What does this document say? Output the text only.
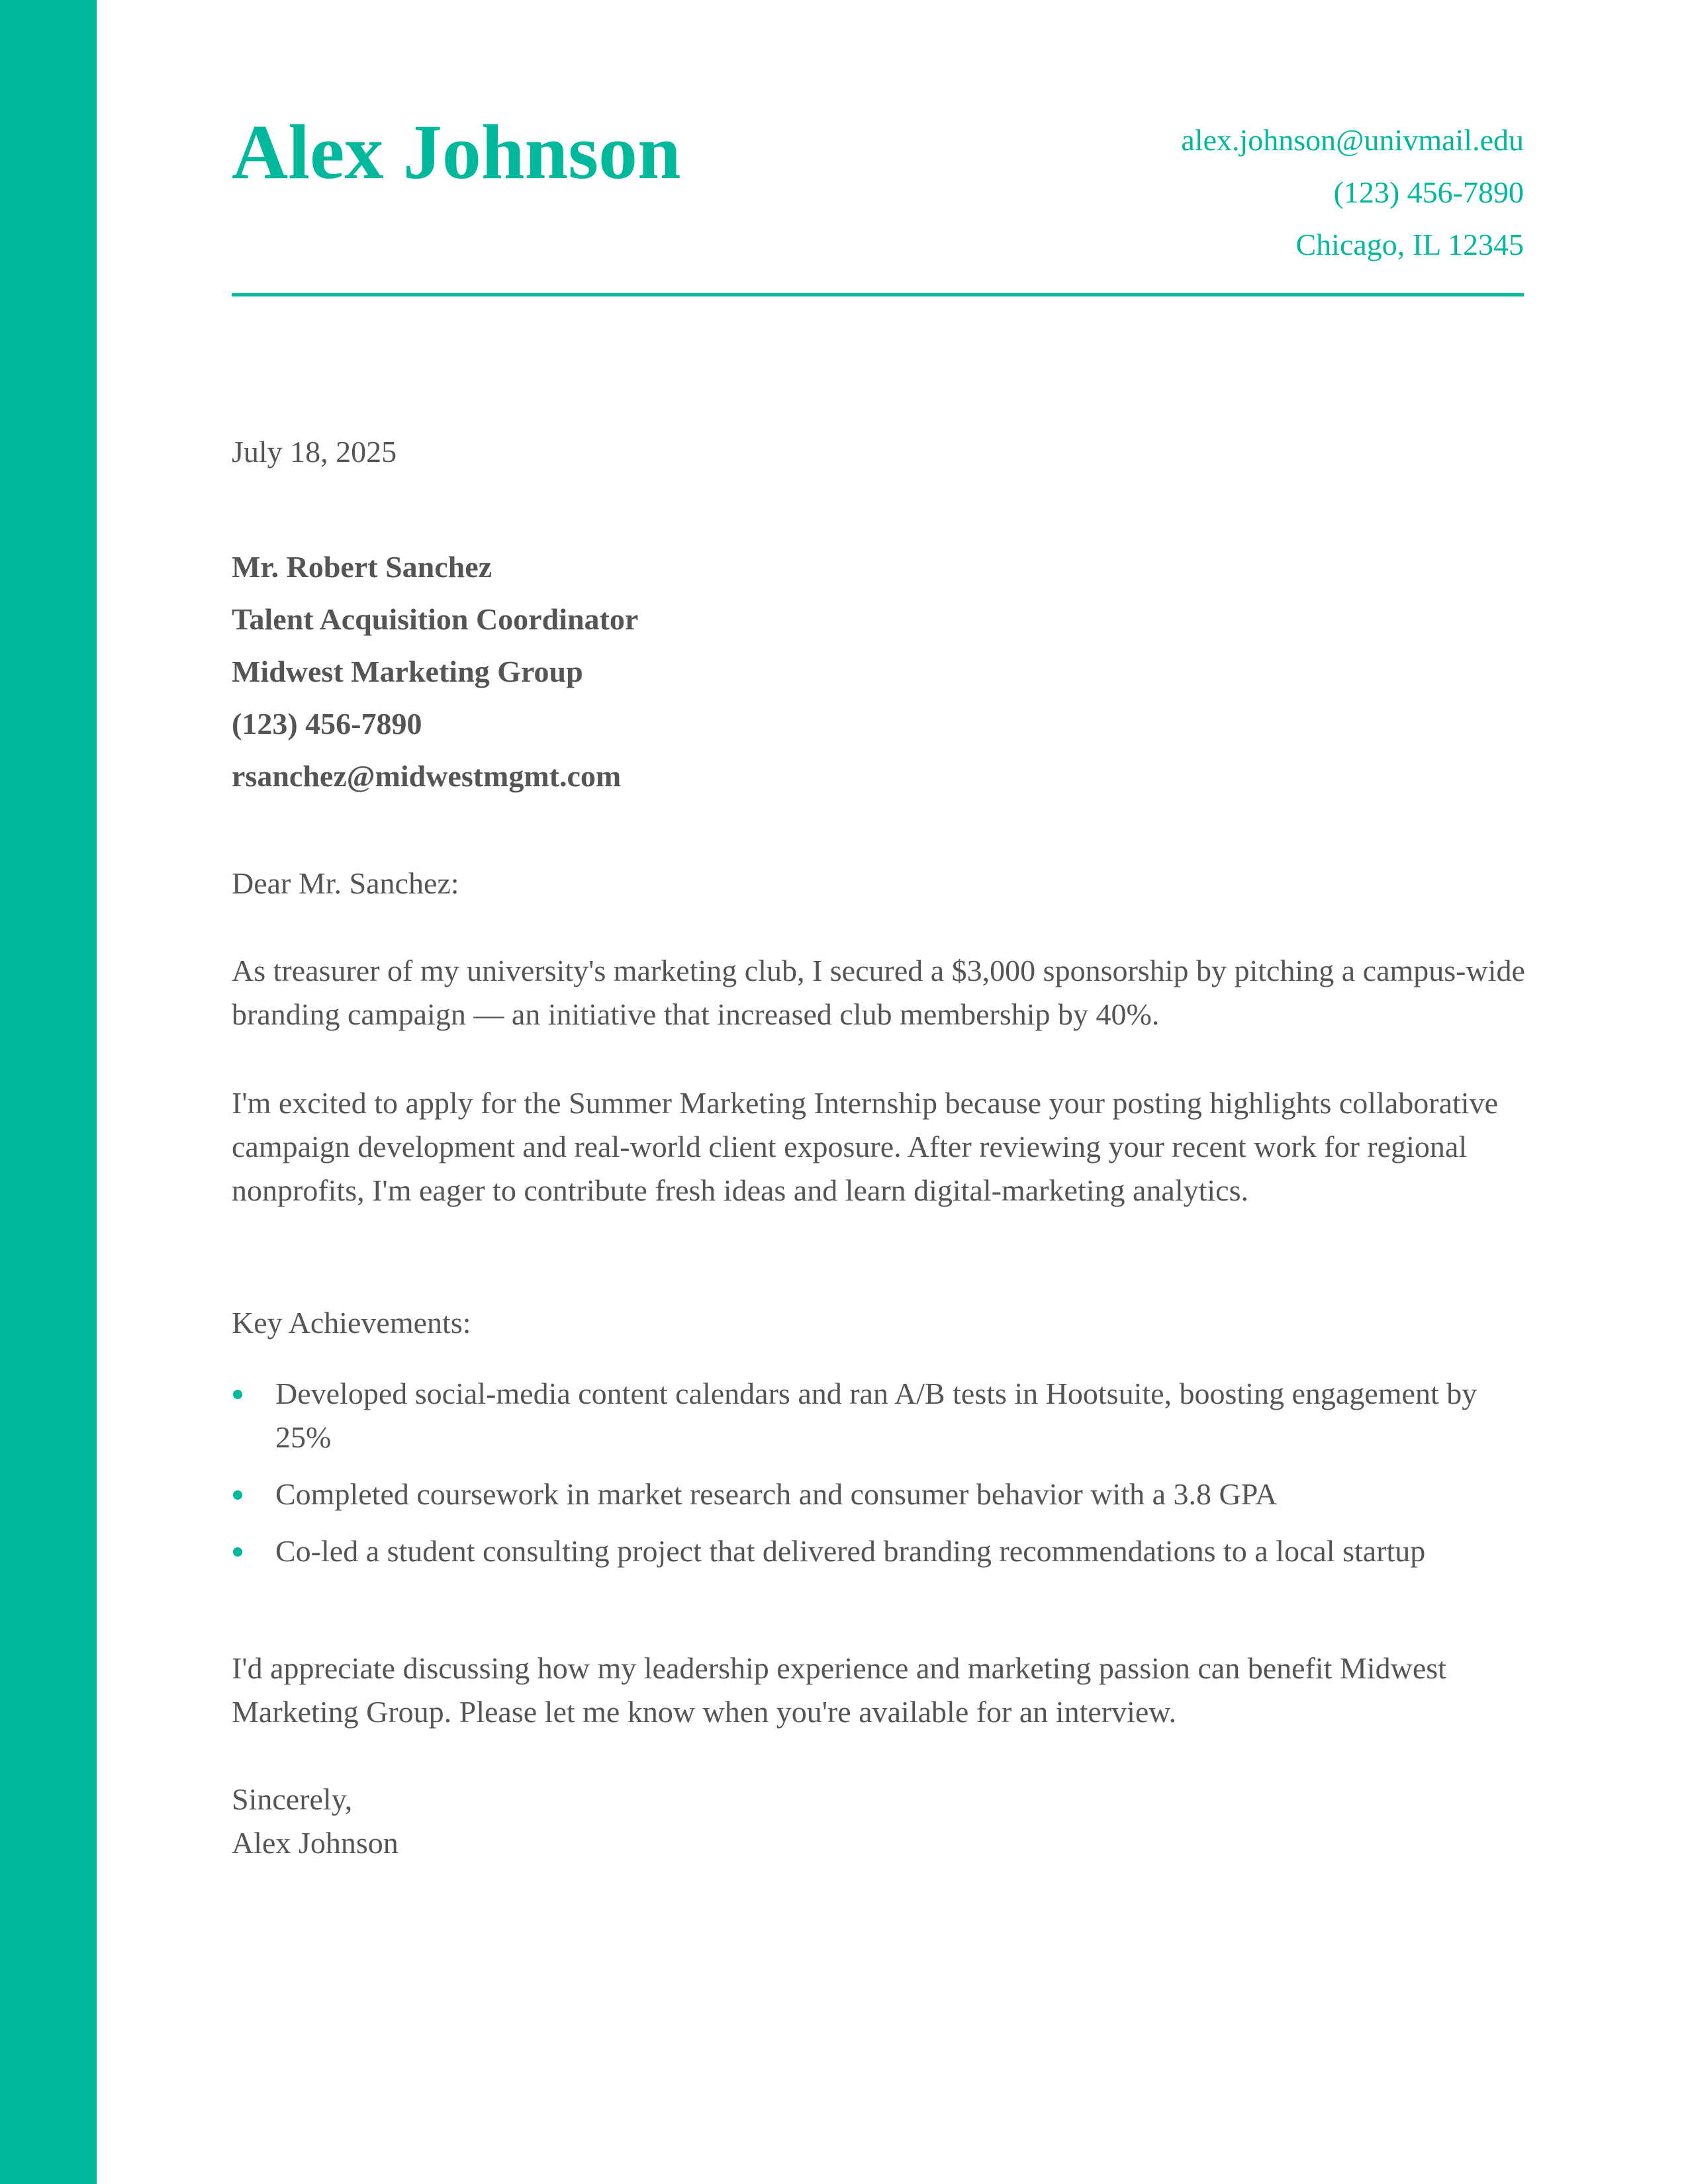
Alex Johnson	alex.johnson@univmail.edu
(123) 456-7890
Chicago, IL 12345
July 18, 2025
Mr. Robert Sanchez
Talent Acquisition Coordinator
Midwest Marketing Group
(123) 456-7890
rsanchez@midwestmgmt.com
Dear Mr. Sanchez:

As treasurer of my university's marketing club, I secured a $3,000 sponsorship by pitching a campus-wide branding campaign — an initiative that increased club membership by 40%.

I'm excited to apply for the Summer Marketing Internship because your posting highlights collaborative campaign development and real-world client exposure. After reviewing your recent work for regional nonprofits, I'm eager to contribute fresh ideas and learn digital-marketing analytics.

Key Achievements:
Developed social-media content calendars and ran A/B tests in Hootsuite, boosting engagement by 25%
Completed coursework in market research and consumer behavior with a 3.8 GPA
Co-led a student consulting project that delivered branding recommendations to a local startup

I'd appreciate discussing how my leadership experience and marketing passion can benefit Midwest Marketing Group. Please let me know when you're available for an interview.

Sincerely,
Alex Johnson
